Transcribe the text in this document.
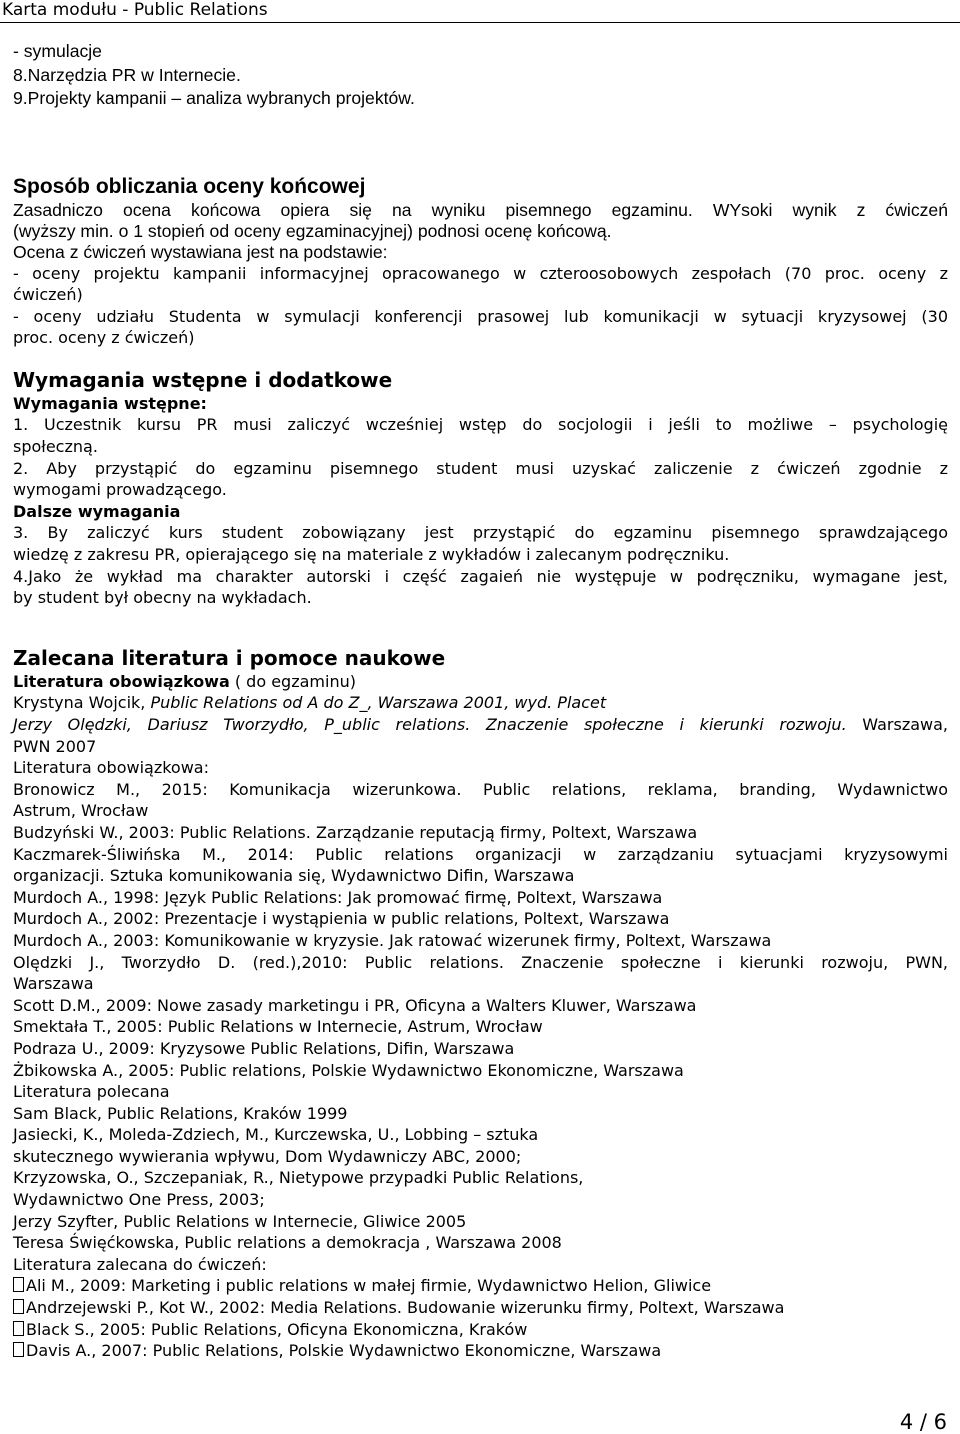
Karta modułu - Public Relations
- symulacje
8.Narzędzia PR w Internecie.
9.Projekty kampanii – analiza wybranych projektów.
Sposób obliczania oceny końcowej
Zasadniczo ocena końcowa opiera się na wyniku pisemnego egzaminu. WYsoki wynik z ćwiczeń
(wyższy min. o 1 stopień od oceny egzaminacyjnej) podnosi ocenę końcową.
Ocena z ćwiczeń wystawiana jest na podstawie:
- oceny projektu kampanii informacyjnej opracowanego w czteroosobowych zespołach (70 proc. oceny z
ćwiczeń)
- oceny udziału Studenta w symulacji konferencji prasowej lub komunikacji w sytuacji kryzysowej (30
proc. oceny z ćwiczeń)
Wymagania wstępne i dodatkowe
Wymagania wstępne:
1. Uczestnik kursu PR musi zaliczyć wcześniej wstęp do socjologii i jeśli to możliwe – psychologię
społeczną.
2. Aby przystąpić do egzaminu pisemnego student musi uzyskać zaliczenie z ćwiczeń zgodnie z
wymogami prowadzącego.
Dalsze wymagania
3. By zaliczyć kurs student zobowiązany jest przystąpić do egzaminu pisemnego sprawdzającego
wiedzę z zakresu PR, opierającego się na materiale z wykładów i zalecanym podręczniku.
4.Jako że wykład ma charakter autorski i część zagaień nie występuje w podręczniku, wymagane jest,
by student był obecny na wykładach.
Zalecana literatura i pomoce naukowe
Literatura obowiązkowa ( do egzaminu)
Krystyna Wojcik, Public Relations od A do Z_, Warszawa 2001, wyd. Placet
Jerzy Olędzki, Dariusz Tworzydło, P_ublic relations. Znaczenie społeczne i kierunki rozwoju. Warszawa,
PWN 2007
Literatura obowiązkowa:
Bronowicz M., 2015: Komunikacja wizerunkowa. Public relations, reklama, branding, Wydawnictwo
Astrum, Wrocław
Budzyński W., 2003: Public Relations. Zarządzanie reputacją firmy, Poltext, Warszawa
Kaczmarek-Śliwińska M., 2014: Public relations organizacji w zarządzaniu sytuacjami kryzysowymi
organizacji. Sztuka komunikowania się, Wydawnictwo Difin, Warszawa
Murdoch A., 1998: Język Public Relations: Jak promować firmę, Poltext, Warszawa
Murdoch A., 2002: Prezentacje i wystąpienia w public relations, Poltext, Warszawa
Murdoch A., 2003: Komunikowanie w kryzysie. Jak ratować wizerunek firmy, Poltext, Warszawa
Olędzki J., Tworzydło D. (red.),2010: Public relations. Znaczenie społeczne i kierunki rozwoju, PWN,
Warszawa
Scott D.M., 2009: Nowe zasady marketingu i PR, Oficyna a Walters Kluwer, Warszawa
Smektała T., 2005: Public Relations w Internecie, Astrum, Wrocław
Podraza U., 2009: Kryzysowe Public Relations, Difin, Warszawa
Żbikowska A., 2005: Public relations, Polskie Wydawnictwo Ekonomiczne, Warszawa
Literatura polecana
Sam Black, Public Relations, Kraków 1999
Jasiecki, K., Moleda-Zdziech, M., Kurczewska, U., Lobbing – sztuka
skutecznego wywierania wpływu, Dom Wydawniczy ABC, 2000;
Krzyzowska, O., Szczepaniak, R., Nietypowe przypadki Public Relations,
Wydawnictwo One Press, 2003;
Jerzy Szyfter, Public Relations w Internecie, Gliwice 2005
Teresa Święćkowska, Public relations a demokracja , Warszawa 2008
Literatura zalecana do ćwiczeń:
Ali M., 2009: Marketing i public relations w małej firmie, Wydawnictwo Helion, Gliwice
Andrzejewski P., Kot W., 2002: Media Relations. Budowanie wizerunku firmy, Poltext, Warszawa
Black S., 2005: Public Relations, Oficyna Ekonomiczna, Kraków
Davis A., 2007: Public Relations, Polskie Wydawnictwo Ekonomiczne, Warszawa
4 / 6
